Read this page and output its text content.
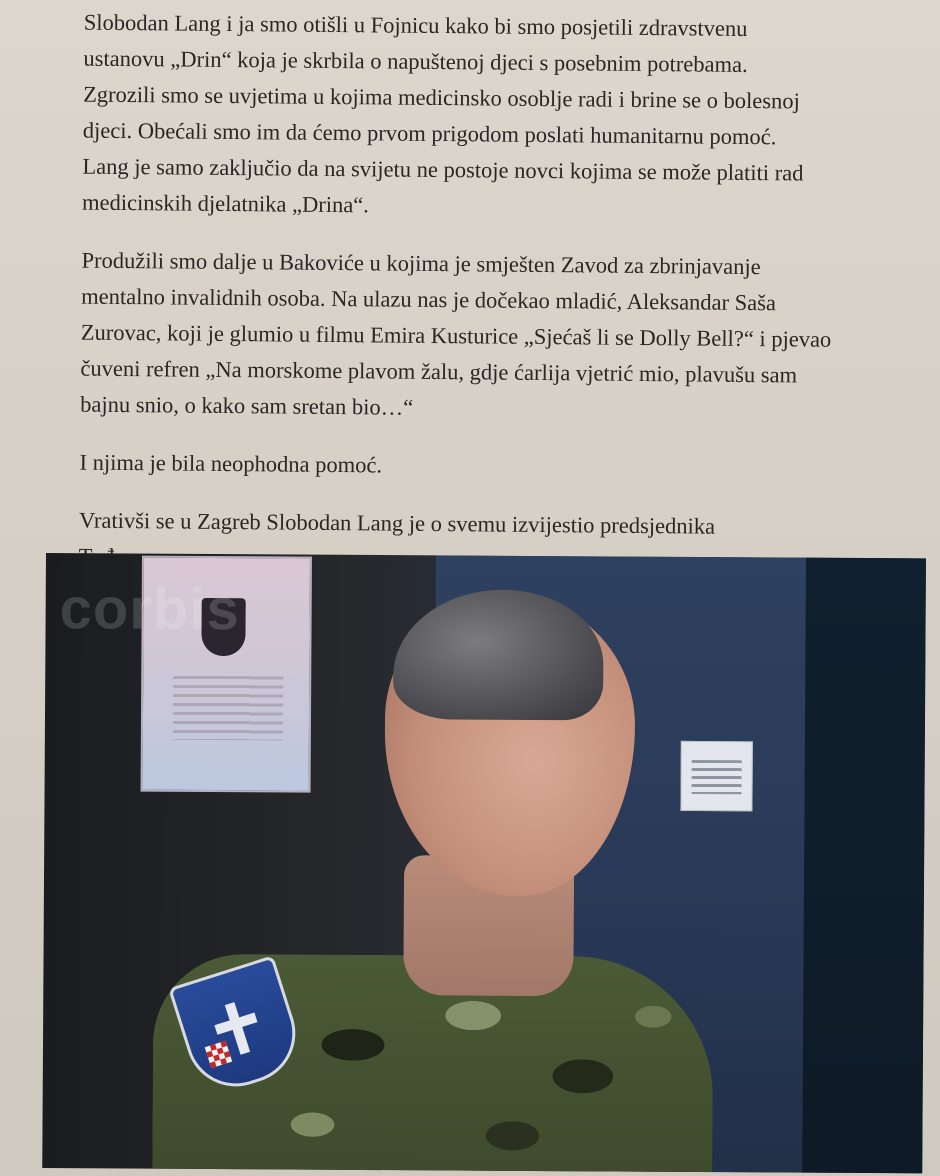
Slobodan Lang i ja smo otišli u Fojnicu kako bi smo posjetili zdravstvenu
ustanovu „Drin“ koja je skrbila o napuštenoj djeci s posebnim potrebama.
Zgrozili smo se uvjetima u kojima medicinsko osoblje radi i brine se o bolesnoj
djeci. Obećali smo im da ćemo prvom prigodom poslati humanitarnu pomoć.
Lang je samo zaključio da na svijetu ne postoje novci kojima se može platiti rad
medicinskih djelatnika „Drina“.

Produžili smo dalje u Bakoviće u kojima je smješten Zavod za zbrinjavanje
mentalno invalidnih osoba. Na ulazu nas je dočekao mladić, Aleksandar Saša
Zurovac, koji je glumio u filmu Emira Kusturice „Sjećaš li se Dolly Bell?“ i pjevao
čuveni refren „Na morskome plavom žalu, gdje ćarlija vjetrić mio, plavušu sam
bajnu snio, o kako sam sretan bio…“

I njima je bila neophodna pomoć.

Vrativši se u Zagreb Slobodan Lang je o svemu izvijestio predsjednika

corbis
